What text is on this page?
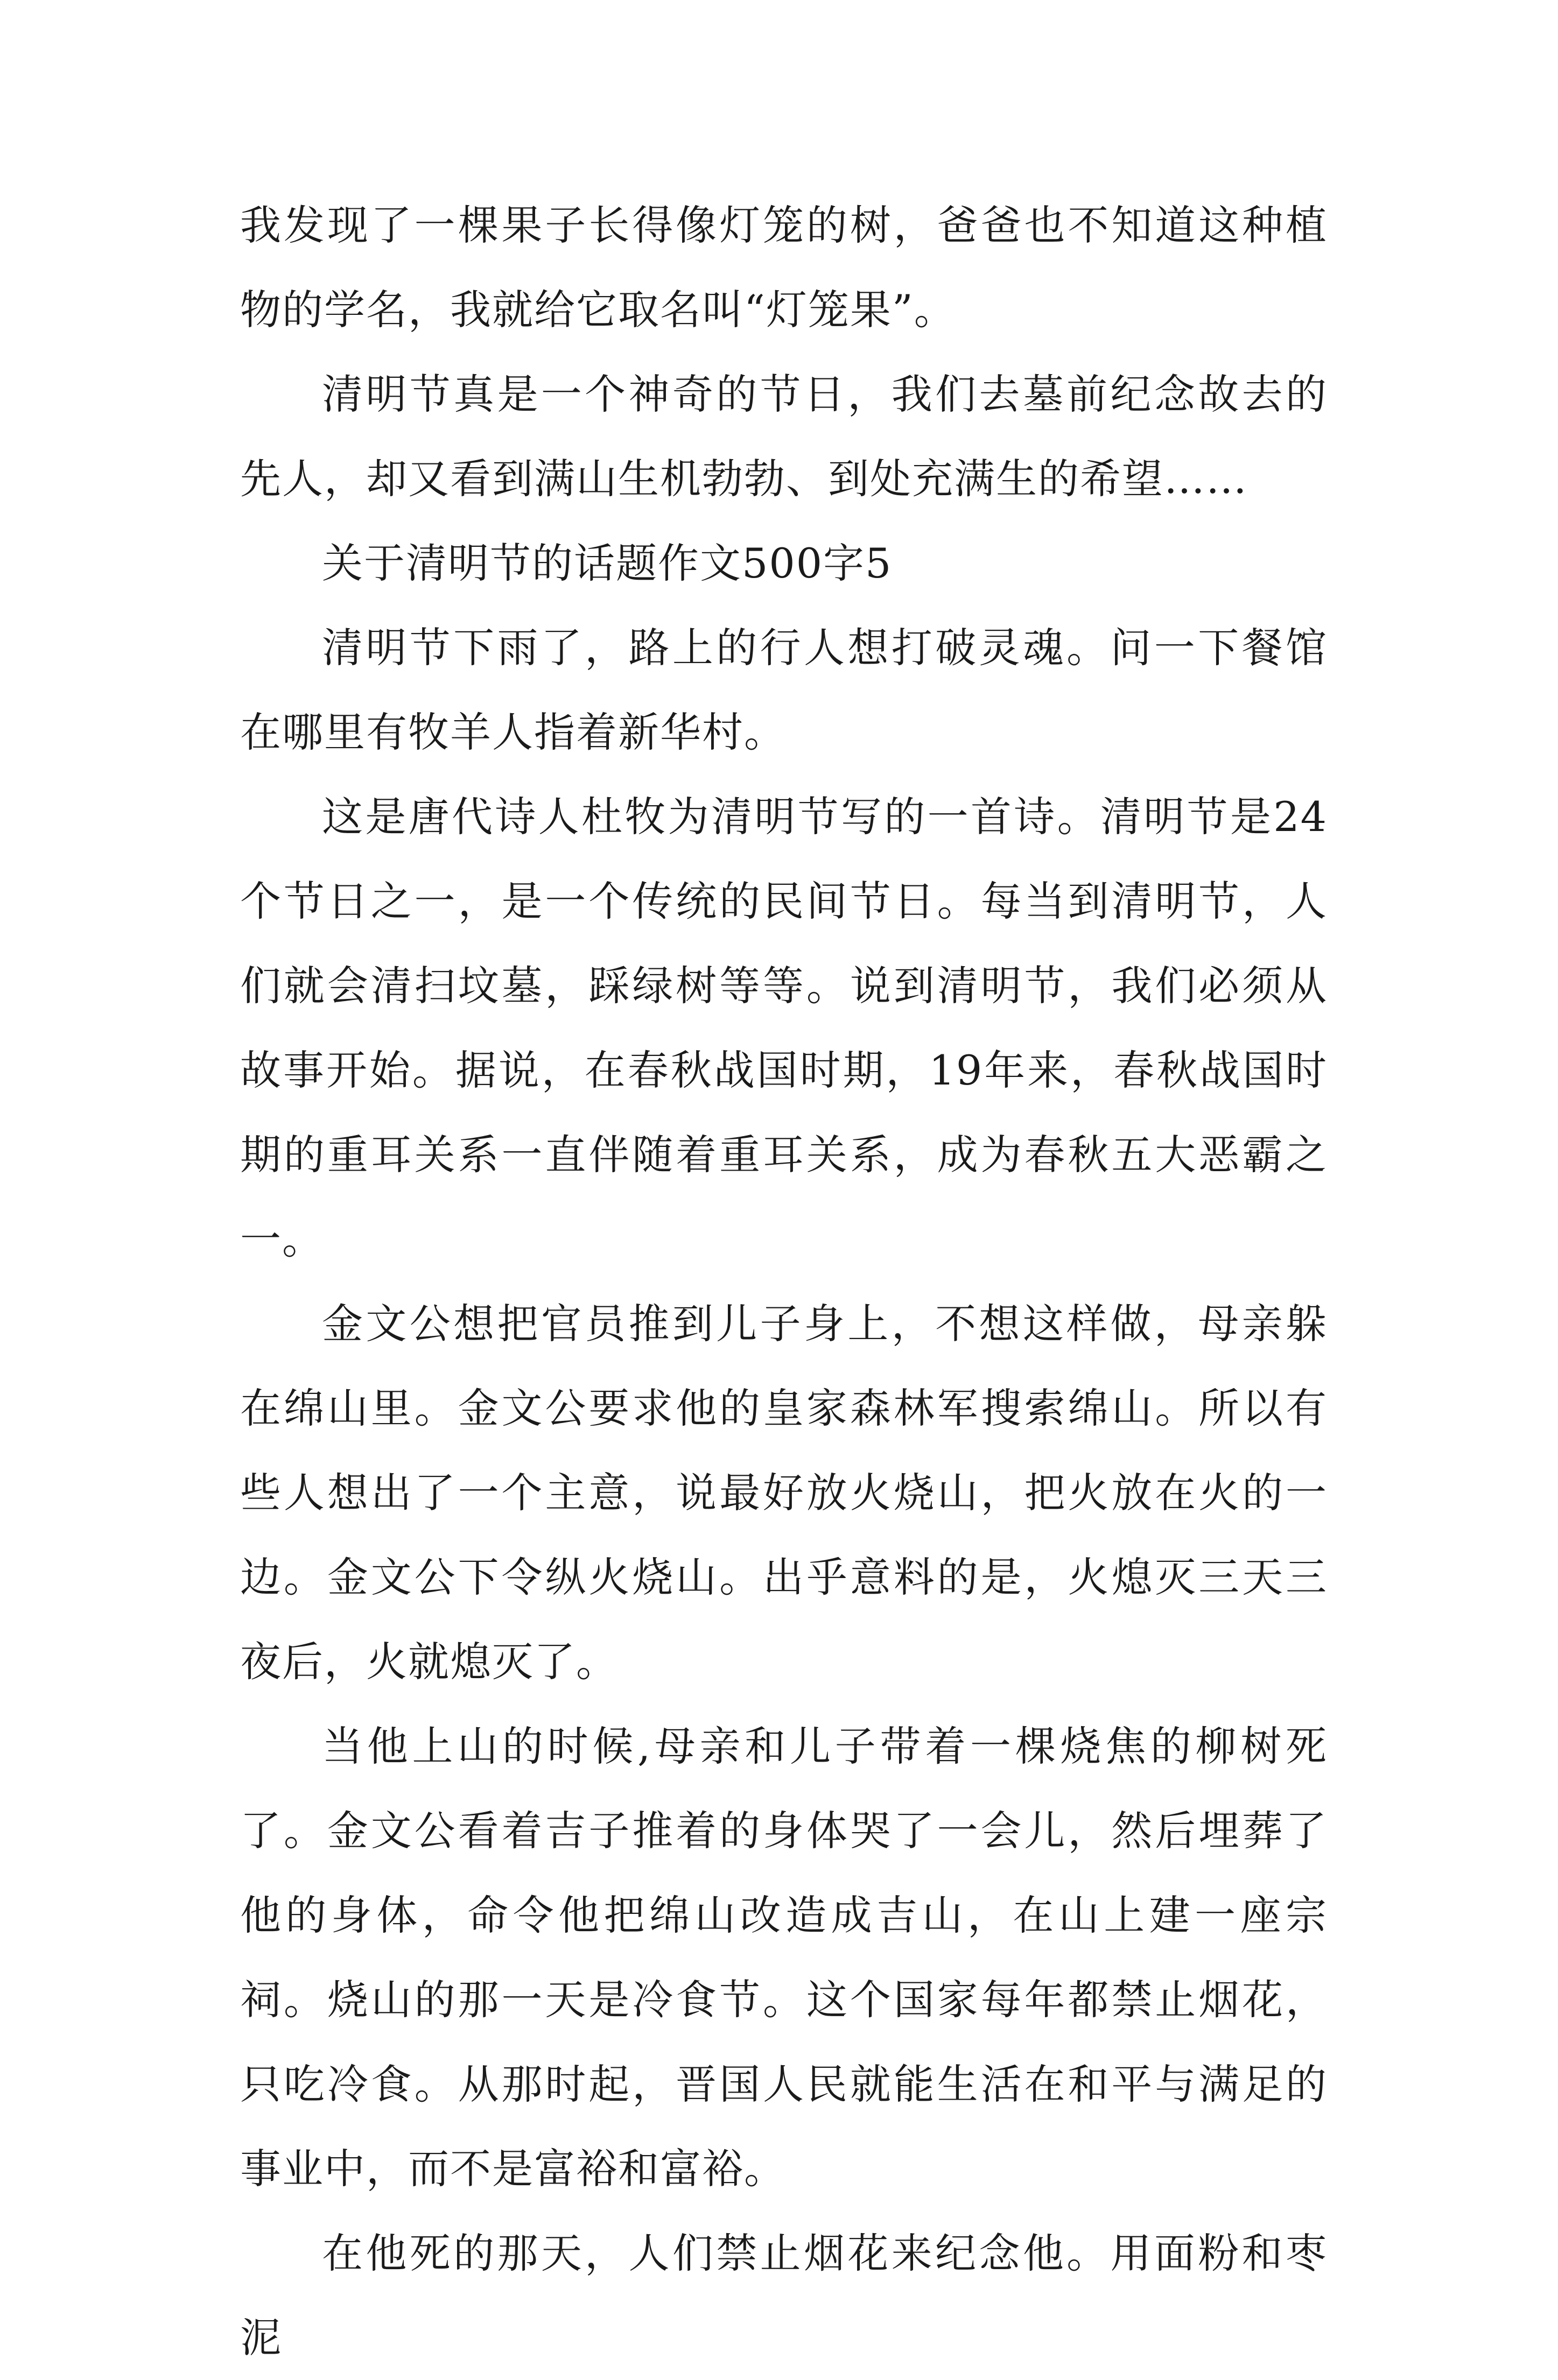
我发现了一棵果子长得像灯笼的树，爸爸也不知道这种植物的学名，我就给它取名叫“灯笼果”。

清明节真是一个神奇的节日，我们去墓前纪念故去的先人，却又看到满山生机勃勃、到处充满生的希望……

关于清明节的话题作文500字5

清明节下雨了，路上的行人想打破灵魂。问一下餐馆在哪里有牧羊人指着新华村。

这是唐代诗人杜牧为清明节写的一首诗。清明节是24个节日之一，是一个传统的民间节日。每当到清明节，人们就会清扫坟墓，踩绿树等等。说到清明节，我们必须从故事开始。据说，在春秋战国时期，19年来，春秋战国时期的重耳关系一直伴随着重耳关系，成为春秋五大恶霸之一。

金文公想把官员推到儿子身上，不想这样做，母亲躲在绵山里。金文公要求他的皇家森林军搜索绵山。所以有些人想出了一个主意，说最好放火烧山，把火放在火的一边。金文公下令纵火烧山。出乎意料的是，火熄灭三天三夜后，火就熄灭了。

当他上山的时候,母亲和儿子带着一棵烧焦的柳树死了。金文公看着吉子推着的身体哭了一会儿，然后埋葬了他的身体，命令他把绵山改造成吉山，在山上建一座宗祠。烧山的那一天是冷食节。这个国家每年都禁止烟花，只吃冷食。从那时起，晋国人民就能生活在和平与满足的事业中，而不是富裕和富裕。

在他死的那天，人们禁止烟花来纪念他。用面粉和枣泥
